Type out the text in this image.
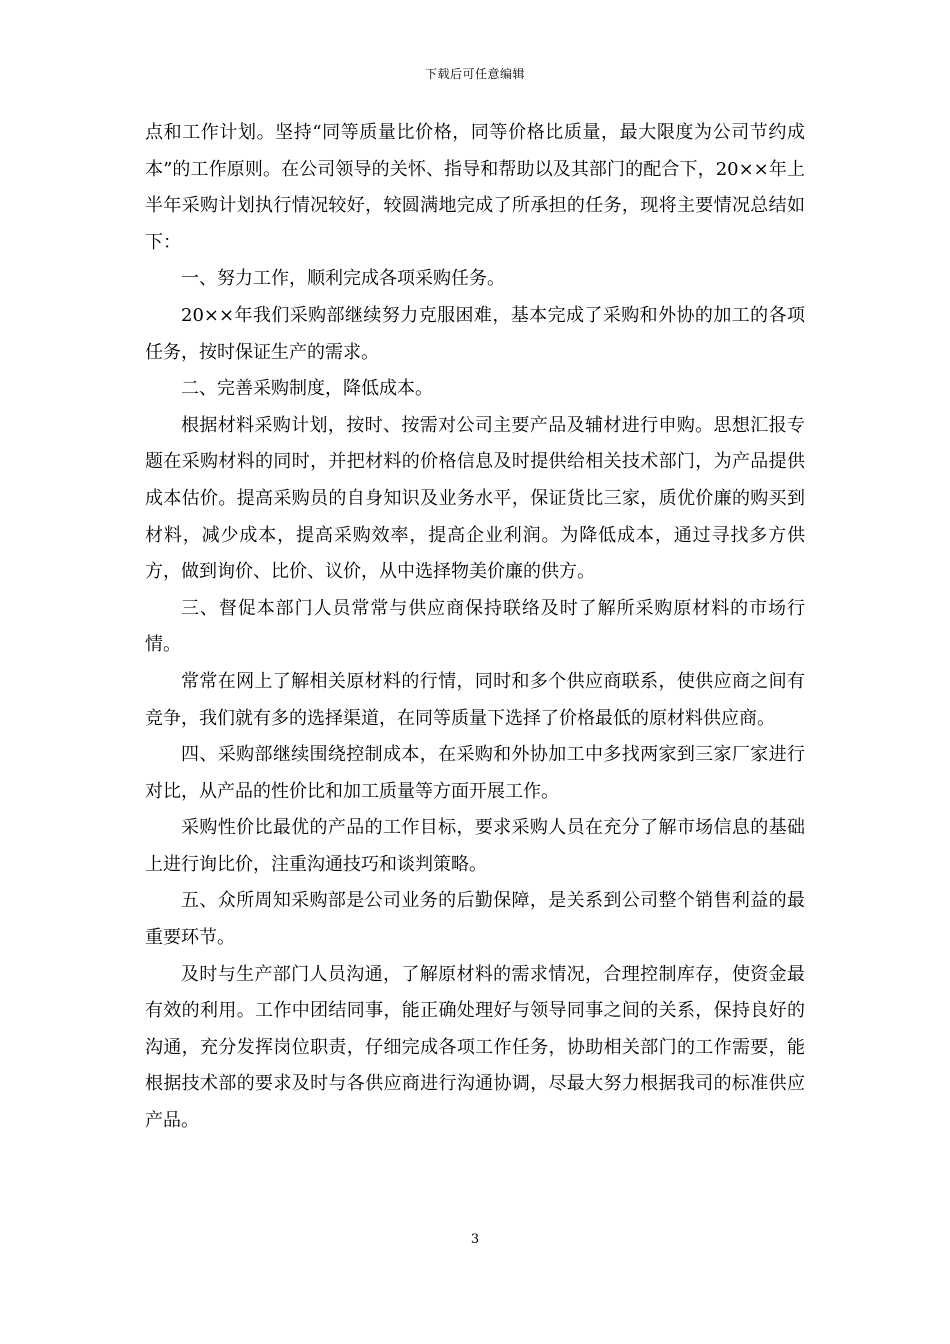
下载后可任意编辑

点和工作计划。坚持“同等质量比价格，同等价格比质量，最大限度为公司节约成本”的工作原则。在公司领导的关怀、指导和帮助以及其部门的配合下，20××年上半年采购计划执行情况较好，较圆满地完成了所承担的任务，现将主要情况总结如下：

一、努力工作，顺利完成各项采购任务。

20××年我们采购部继续努力克服困难，基本完成了采购和外协的加工的各项任务，按时保证生产的需求。

二、完善采购制度，降低成本。

根据材料采购计划，按时、按需对公司主要产品及辅材进行申购。思想汇报专题在采购材料的同时，并把材料的价格信息及时提供给相关技术部门，为产品提供成本估价。提高采购员的自身知识及业务水平，保证货比三家，质优价廉的购买到材料，减少成本，提高采购效率，提高企业利润。为降低成本，通过寻找多方供方，做到询价、比价、议价，从中选择物美价廉的供方。

三、督促本部门人员常常与供应商保持联络及时了解所采购原材料的市场行情。

常常在网上了解相关原材料的行情，同时和多个供应商联系，使供应商之间有竞争，我们就有多的选择渠道，在同等质量下选择了价格最低的原材料供应商。

四、采购部继续围绕控制成本，在采购和外协加工中多找两家到三家厂家进行对比，从产品的性价比和加工质量等方面开展工作。

采购性价比最优的产品的工作目标，要求采购人员在充分了解市场信息的基础上进行询比价，注重沟通技巧和谈判策略。

五、众所周知采购部是公司业务的后勤保障，是关系到公司整个销售利益的最重要环节。

及时与生产部门人员沟通，了解原材料的需求情况，合理控制库存，使资金最有效的利用。工作中团结同事，能正确处理好与领导同事之间的关系，保持良好的沟通，充分发挥岗位职责，仔细完成各项工作任务，协助相关部门的工作需要，能根据技术部的要求及时与各供应商进行沟通协调，尽最大努力根据我司的标准供应产品。

3
